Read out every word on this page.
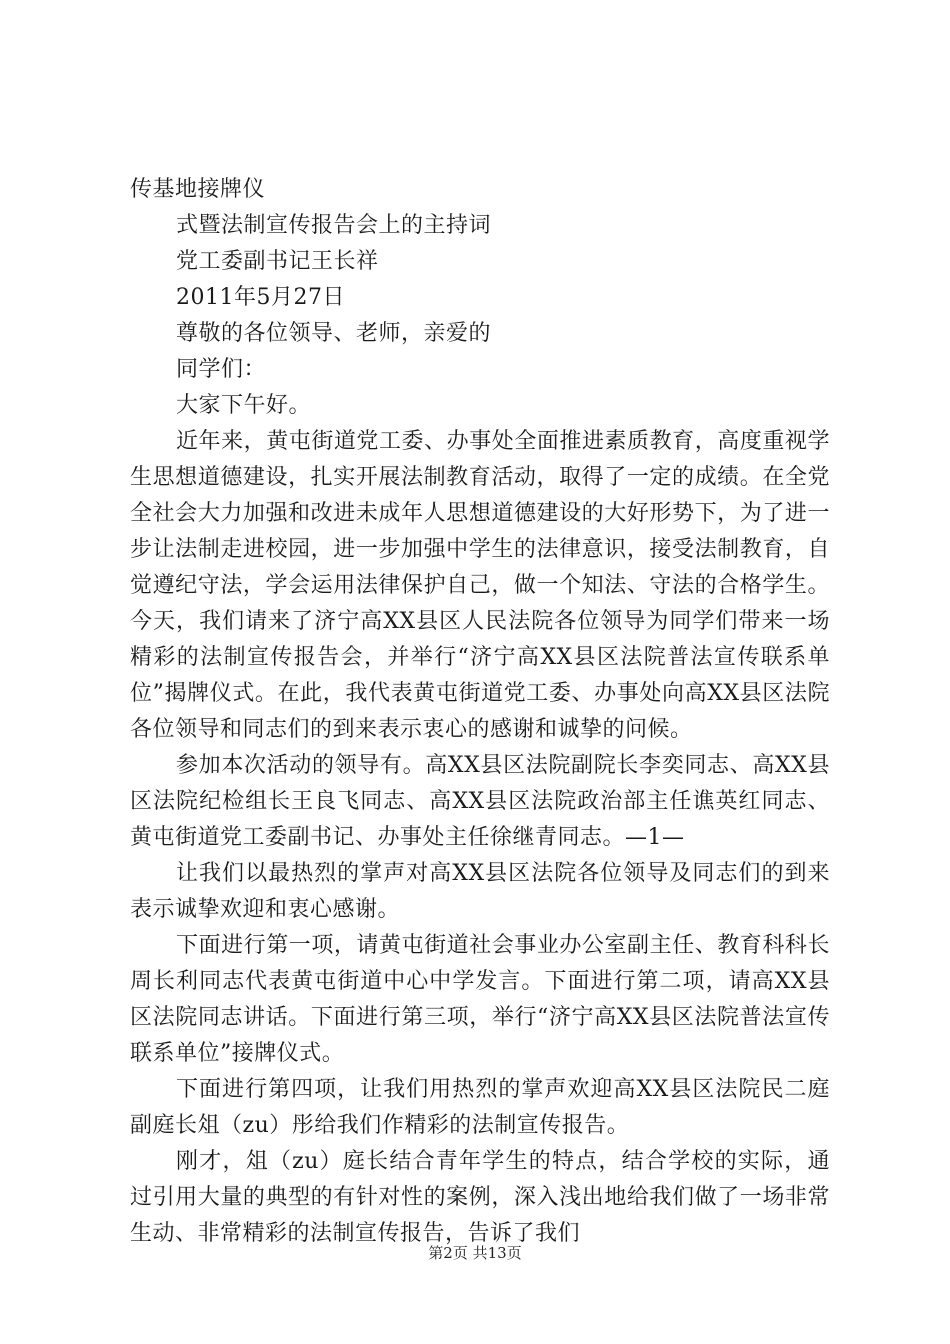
传基地接牌仪
式暨法制宣传报告会上的主持词
党工委副书记王长祥
2011年5月27日
尊敬的各位领导、老师，亲爱的
同学们：
大家下午好。

近年来，黄屯街道党工委、办事处全面推进素质教育，高度重视学生思想道德建设，扎实开展法制教育活动，取得了一定的成绩。在全党全社会大力加强和改进未成年人思想道德建设的大好形势下，为了进一步让法制走进校园，进一步加强中学生的法律意识，接受法制教育，自觉遵纪守法，学会运用法律保护自己，做一个知法、守法的合格学生。今天，我们请来了济宁高XX县区人民法院各位领导为同学们带来一场精彩的法制宣传报告会，并举行“济宁高XX县区法院普法宣传联系单位”揭牌仪式。在此，我代表黄屯街道党工委、办事处向高XX县区法院各位领导和同志们的到来表示衷心的感谢和诚挚的问候。

参加本次活动的领导有。高XX县区法院副院长李奕同志、高XX县区法院纪检组长王良飞同志、高XX县区法院政治部主任谯英红同志、黄屯街道党工委副书记、办事处主任徐继青同志。—1—

让我们以最热烈的掌声对高XX县区法院各位领导及同志们的到来表示诚挚欢迎和衷心感谢。

下面进行第一项，请黄屯街道社会事业办公室副主任、教育科科长周长利同志代表黄屯街道中心中学发言。下面进行第二项，请高XX县区法院同志讲话。下面进行第三项，举行“济宁高XX县区法院普法宣传联系单位”接牌仪式。

下面进行第四项，让我们用热烈的掌声欢迎高XX县区法院民二庭副庭长俎（zu）彤给我们作精彩的法制宣传报告。

刚才，俎（zu）庭长结合青年学生的特点，结合学校的实际，通过引用大量的典型的有针对性的案例，深入浅出地给我们做了一场非常生动、非常精彩的法制宣传报告，告诉了我们

第2页 共13页
